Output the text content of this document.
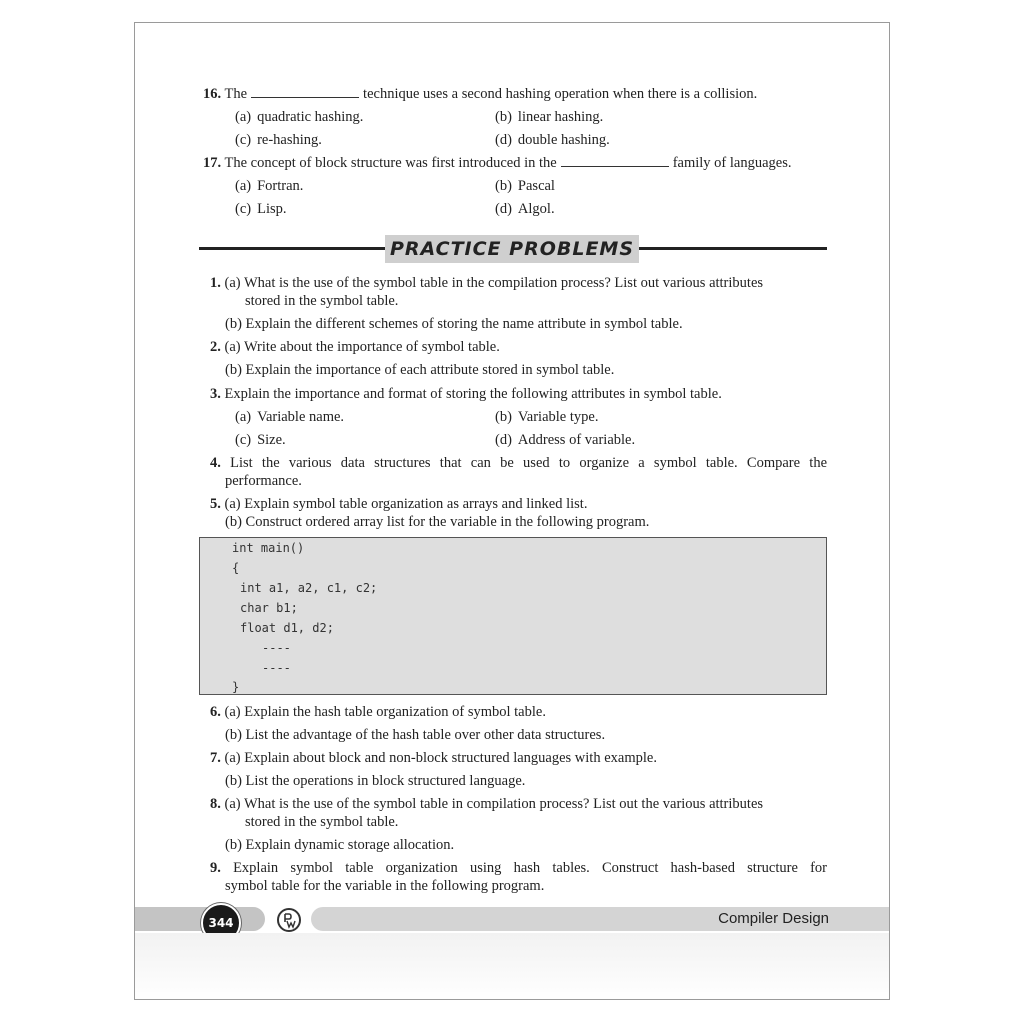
16. The	technique uses a second hashing operation when there is a collision.
(a) quadratic hashing.	(b) linear hashing.
(c) re-hashing.	(d) double hashing.
17. The concept of block structure was first introduced in the	family of languages.
(a) Fortran.	(b) Pascal
(c) Lisp.	(d) Algol.
PRACTICE PROBLEMS
1. (a) What is the use of the symbol table in the compilation process? List out various attributes
stored in the symbol table.
(b) Explain the different schemes of storing the name attribute in symbol table.
2. (a) Write about the importance of symbol table.
(b) Explain the importance of each attribute stored in symbol table.
3. Explain the importance and format of storing the following attributes in symbol table.
(a) Variable name.	(b) Variable type.
(c) Size.	(d) Address of variable.
4. List the various data structures that can be used to organize a symbol table. Compare the
performance.
5. (a) Explain symbol table organization as arrays and linked list.
(b) Construct ordered array list for the variable in the following program.
int main()
{
int a1, a2, c1, c2;
char b1;
float d1, d2;
----
----
}
6. (a) Explain the hash table organization of symbol table.
(b) List the advantage of the hash table over other data structures.
7. (a) Explain about block and non-block structured languages with example.
(b) List the operations in block structured language.
8. (a) What is the use of the symbol table in compilation process? List out the various attributes
stored in the symbol table.
(b) Explain dynamic storage allocation.
9. Explain symbol table organization using hash tables. Construct hash-based structure for
symbol table for the variable in the following program.
344	Compiler Design
